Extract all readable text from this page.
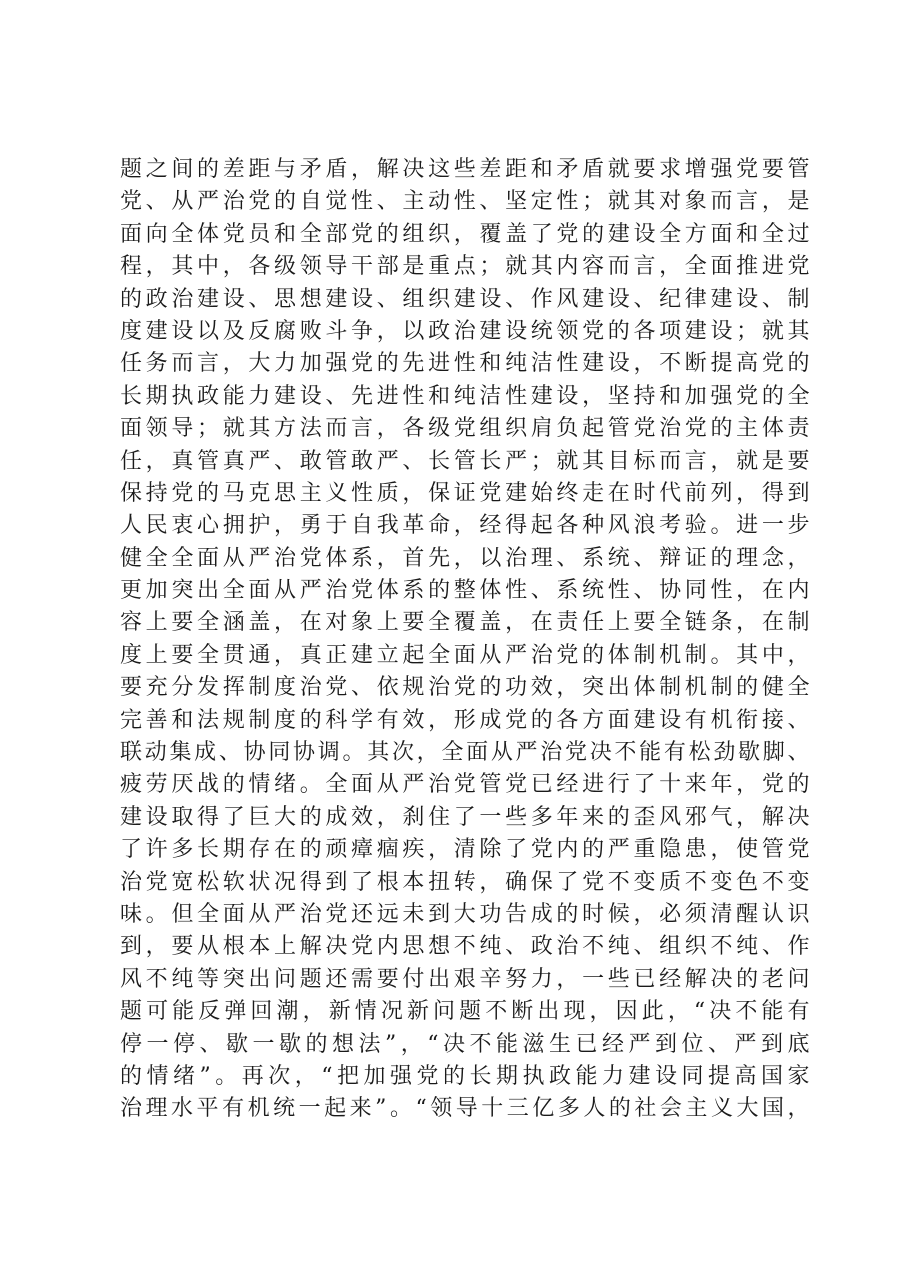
题之间的差距与矛盾，解决这些差距和矛盾就要求增强党要管
党、从严治党的自觉性、主动性、坚定性；就其对象而言，是
面向全体党员和全部党的组织，覆盖了党的建设全方面和全过
程，其中，各级领导干部是重点；就其内容而言，全面推进党
的政治建设、思想建设、组织建设、作风建设、纪律建设、制
度建设以及反腐败斗争，以政治建设统领党的各项建设；就其
任务而言，大力加强党的先进性和纯洁性建设，不断提高党的
长期执政能力建设、先进性和纯洁性建设，坚持和加强党的全
面领导；就其方法而言，各级党组织肩负起管党治党的主体责
任，真管真严、敢管敢严、长管长严；就其目标而言，就是要
保持党的马克思主义性质，保证党建始终走在时代前列，得到
人民衷心拥护，勇于自我革命，经得起各种风浪考验。进一步
健全全面从严治党体系，首先，以治理、系统、辩证的理念，
更加突出全面从严治党体系的整体性、系统性、协同性，在内
容上要全涵盖，在对象上要全覆盖，在责任上要全链条，在制
度上要全贯通，真正建立起全面从严治党的体制机制。其中，
要充分发挥制度治党、依规治党的功效，突出体制机制的健全
完善和法规制度的科学有效，形成党的各方面建设有机衔接、
联动集成、协同协调。其次，全面从严治党决不能有松劲歇脚、
疲劳厌战的情绪。全面从严治党管党已经进行了十来年，党的
建设取得了巨大的成效，刹住了一些多年来的歪风邪气，解决
了许多长期存在的顽瘴痼疾，清除了党内的严重隐患，使管党
治党宽松软状况得到了根本扭转，确保了党不变质不变色不变
味。但全面从严治党还远未到大功告成的时候，必须清醒认识
到，要从根本上解决党内思想不纯、政治不纯、组织不纯、作
风不纯等突出问题还需要付出艰辛努力，一些已经解决的老问
题可能反弹回潮，新情况新问题不断出现，因此，“决不能有
停一停、歇一歇的想法”，“决不能滋生已经严到位、严到底
的情绪”。再次，“把加强党的长期执政能力建设同提高国家
治理水平有机统一起来”。“领导十三亿多人的社会主义大国，
